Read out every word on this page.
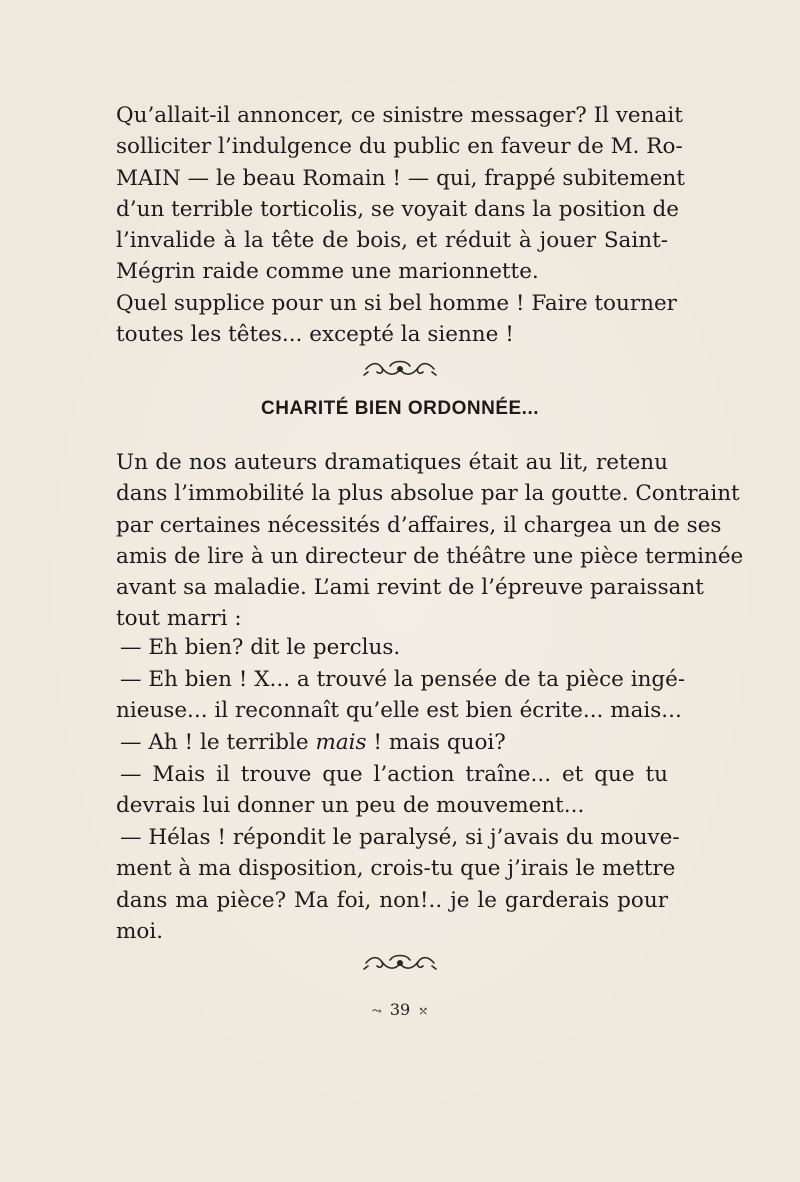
Qu’allait-il annoncer, ce sinistre messager? Il venait
solliciter l’indulgence du public en faveur de M. Ro-
MAIN — le beau Romain ! — qui, frappé subitement
d’un terrible torticolis, se voyait dans la position de
l’invalide à la tête de bois, et réduit à jouer Saint-
Mégrin raide comme une marionnette.

Quel supplice pour un si bel homme ! Faire tourner
toutes les têtes... excepté la sienne !

CHARITÉ BIEN ORDONNÉE...

Un de nos auteurs dramatiques était au lit, retenu
dans l’immobilité la plus absolue par la goutte. Contraint
par certaines nécessités d’affaires, il chargea un de ses
amis de lire à un directeur de théâtre une pièce terminée
avant sa maladie. L’ami revint de l’épreuve paraissant
tout marri :

— Eh bien? dit le perclus.

— Eh bien ! X... a trouvé la pensée de ta pièce ingé-
nieuse... il reconnaît qu’elle est bien écrite... mais...

— Ah ! le terrible mais ! mais quoi?

— Mais il trouve que l’action traîne... et que tu
devrais lui donner un peu de mouvement...

— Hélas ! répondit le paralysé, si j’avais du mouve-
ment à ma disposition, crois-tu que j’irais le mettre
dans ma pièce? Ma foi, non!.. je le garderais pour
moi.

⤳ 39 ⤲
